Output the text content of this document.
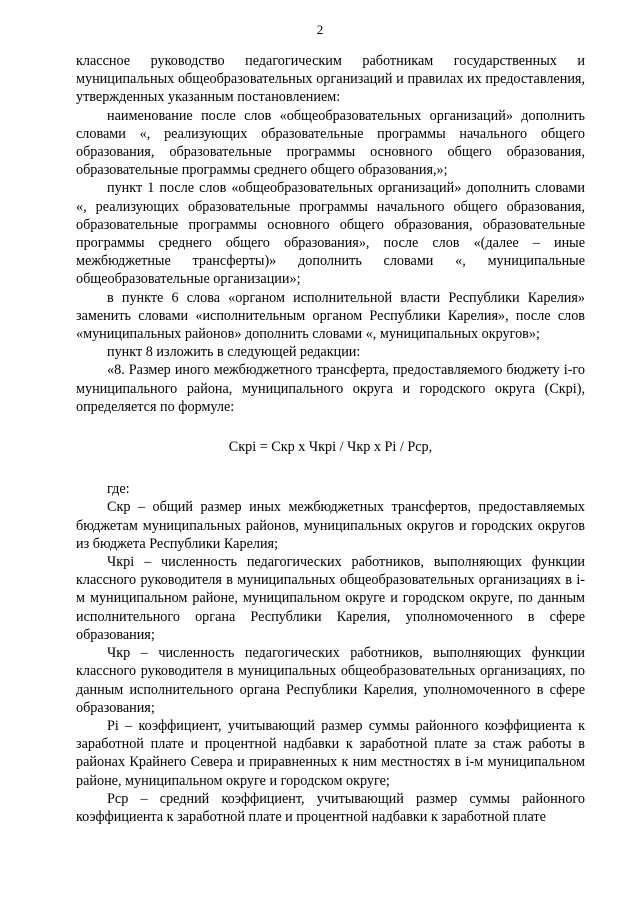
2

классное руководство педагогическим работникам государственных и муниципальных общеобразовательных организаций и правилах их предоставления, утвержденных указанным постановлением:

наименование после слов «общеобразовательных организаций» дополнить словами «, реализующих образовательные программы начального общего образования, образовательные программы основного общего образования, образовательные программы среднего общего образования,»;

пункт 1 после слов «общеобразовательных организаций» дополнить словами «, реализующих образовательные программы начального общего образования, образовательные программы основного общего образования, образовательные программы среднего общего образования», после слов «(далее – иные межбюджетные трансферты)» дополнить словами «, муниципальные общеобразовательные организации»;

в пункте 6 слова «органом исполнительной власти Республики Карелия» заменить словами «исполнительным органом Республики Карелия», после слов «муниципальных районов» дополнить словами «, муниципальных округов»;

пункт 8 изложить в следующей редакции:

«8. Размер иного межбюджетного трансферта, предоставляемого бюджету i-го муниципального района, муниципального округа и городского округа (Скрi), определяется по формуле:

Скрi = Скр х Чкрi / Чкр х Рi / Рср,

где:

Скр – общий размер иных межбюджетных трансфертов, предоставляемых бюджетам муниципальных районов, муниципальных округов и городских округов из бюджета Республики Карелия;

Чкрi – численность педагогических работников, выполняющих функции классного руководителя в муниципальных общеобразовательных организациях в i-м муниципальном районе, муниципальном округе и городском округе, по данным исполнительного органа Республики Карелия, уполномоченного в сфере образования;

Чкр – численность педагогических работников, выполняющих функции классного руководителя в муниципальных общеобразовательных организациях, по данным исполнительного органа Республики Карелия, уполномоченного в сфере образования;

Рi – коэффициент, учитывающий размер суммы районного коэффициента к заработной плате и процентной надбавки к заработной плате за стаж работы в районах Крайнего Севера и приравненных к ним местностях в i-м муниципальном районе, муниципальном округе и городском округе;

Рср – средний коэффициент, учитывающий размер суммы районного коэффициента к заработной плате и процентной надбавки к заработной плате
